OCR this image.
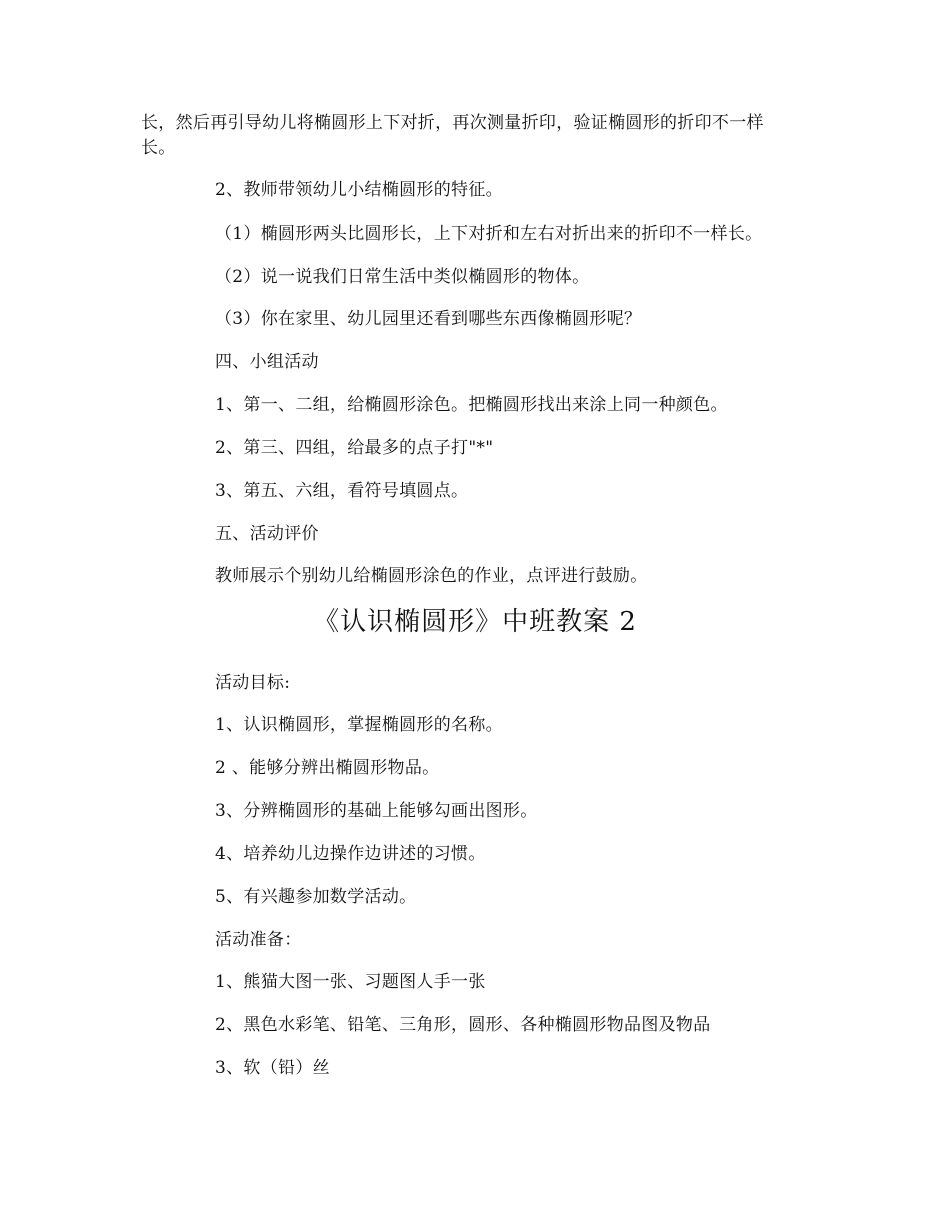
长，然后再引导幼儿将椭圆形上下对折，再次测量折印，验证椭圆形的折印不一样
长。
2、教师带领幼儿小结椭圆形的特征。
（1）椭圆形两头比圆形长，上下对折和左右对折出来的折印不一样长。
（2）说一说我们日常生活中类似椭圆形的物体。
（3）你在家里、幼儿园里还看到哪些东西像椭圆形呢？
四、小组活动
1、第一、二组，给椭圆形涂色。把椭圆形找出来涂上同一种颜色。
2、第三、四组，给最多的点子打"*"
3、第五、六组，看符号填圆点。
五、活动评价
教师展示个别幼儿给椭圆形涂色的作业，点评进行鼓励。
《认识椭圆形》中班教案 2
活动目标:
1、认识椭圆形，掌握椭圆形的名称。
2 、能够分辨出椭圆形物品。
3、分辨椭圆形的基础上能够勾画出图形。
4、培养幼儿边操作边讲述的习惯。
5、有兴趣参加数学活动。
活动准备：
1、熊猫大图一张、习题图人手一张
2、黑色水彩笔、铅笔、三角形，圆形、各种椭圆形物品图及物品
3、软（铅）丝
